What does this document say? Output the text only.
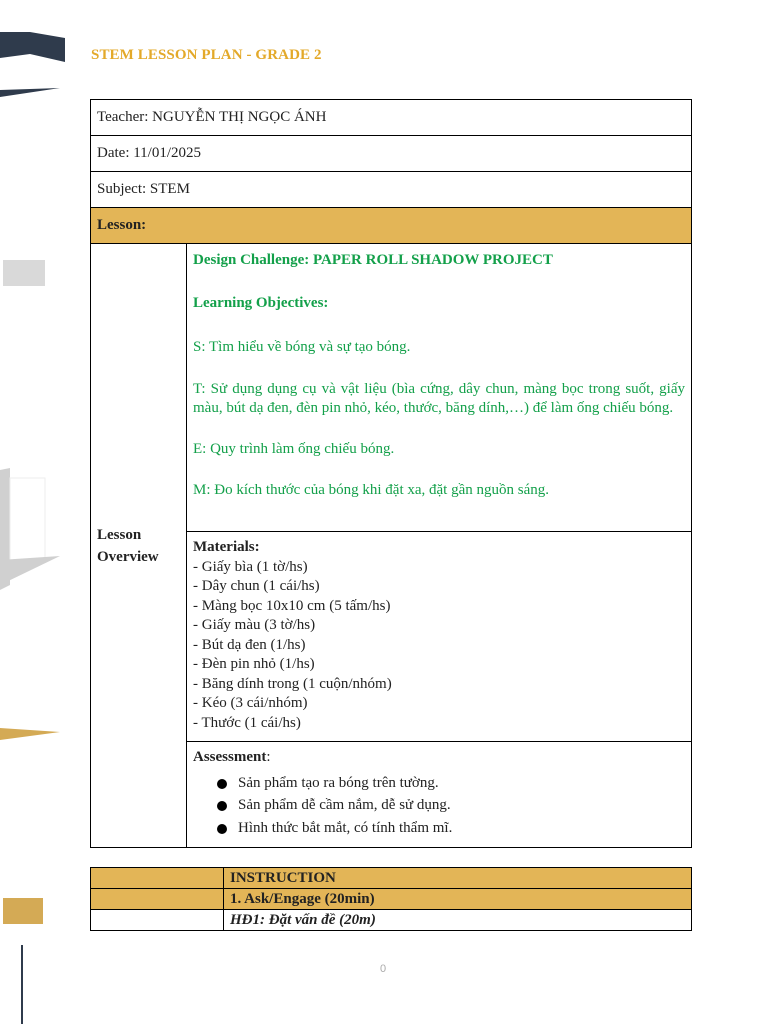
STEM LESSON PLAN - GRADE 2
Teacher: NGUYỄN THỊ NGỌC ÁNH
Date: 11/01/2025
Subject: STEM
Lesson:

Lesson
Overview

Design Challenge: PAPER ROLL SHADOW PROJECT

Learning Objectives:

S: Tìm hiểu về bóng và sự tạo bóng.

T: Sử dụng dụng cụ và vật liệu (bìa cứng, dây chun, màng bọc trong suốt, giấy màu, bút dạ đen, đèn pin nhỏ, kéo, thước, băng dính,…) để làm ống chiếu bóng.

E: Quy trình làm ống chiếu bóng.

M: Đo kích thước của bóng khi đặt xa, đặt gần nguồn sáng.

Materials:
- Giấy bìa (1 tờ/hs)
- Dây chun (1 cái/hs)
- Màng bọc 10x10 cm (5 tấm/hs)
- Giấy màu (3 tờ/hs)
- Bút dạ đen (1/hs)
- Đèn pin nhỏ (1/hs)
- Băng dính trong (1 cuộn/nhóm)
- Kéo (3 cái/nhóm)
- Thước (1 cái/hs)

Assessment:
Sản phẩm tạo ra bóng trên tường.
Sản phẩm dễ cầm nắm, dễ sử dụng.
Hình thức bắt mắt, có tính thẩm mĩ.
	INSTRUCTION
	1. Ask/Engage (20min)
	HĐ1: Đặt vấn đề (20m)
0
